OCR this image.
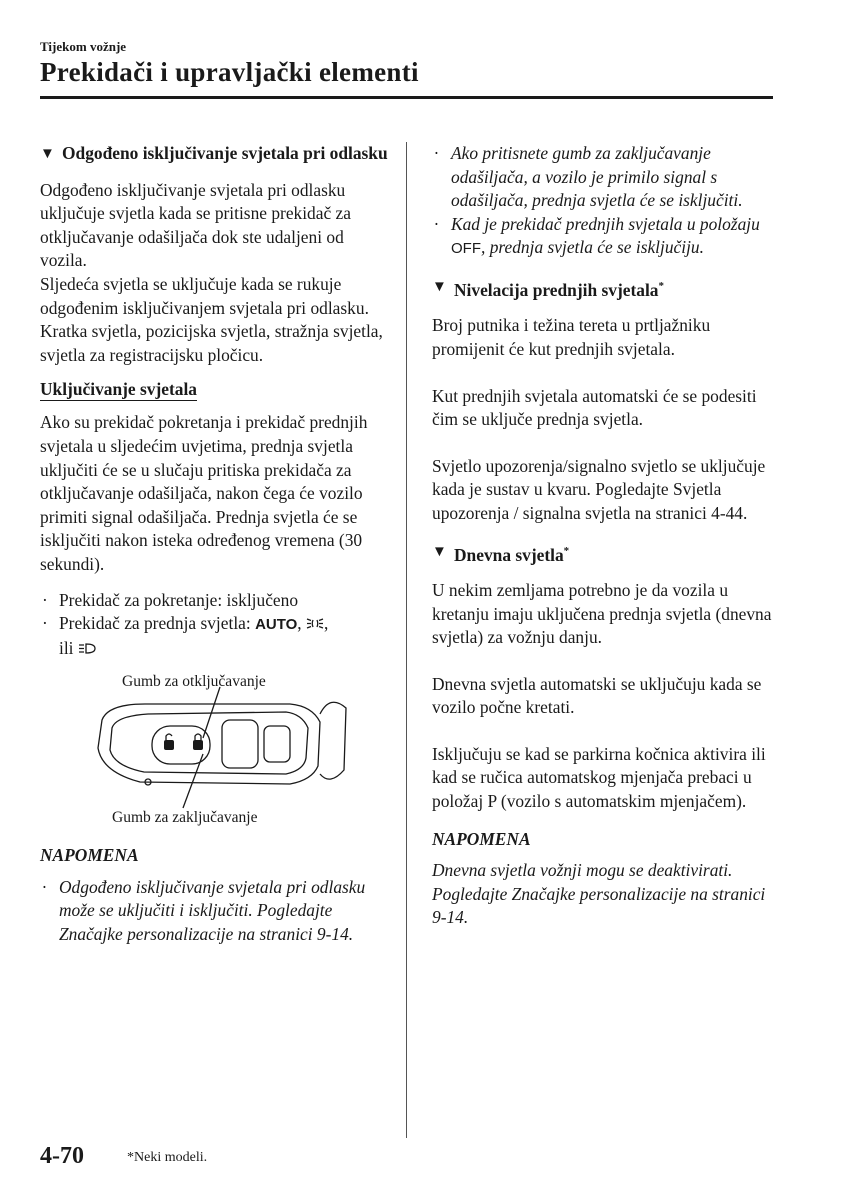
Tijekom vožnje

Prekidači i upravljački elementi
▼ Odgođeno isključivanje svjetala pri odlasku

Odgođeno isključivanje svjetala pri odlasku uključuje svjetla kada se pritisne prekidač za otključavanje odašiljača dok ste udaljeni od vozila.

Sljedeća svjetla se uključuje kada se rukuje odgođenim isključivanjem svjetala pri odlasku.

Kratka svjetla, pozicijska svjetla, stražnja svjetla, svjetla za registracijsku pločicu.

Uključivanje svjetala

Ako su prekidač pokretanja i prekidač prednjih svjetala u sljedećim uvjetima, prednja svjetla uključiti će se u slučaju pritiska prekidača za otključavanje odašiljača, nakon čega će vozilo primiti signal odašiljača. Prednja svjetla će se isključiti nakon isteka određenog vremena (30 sekundi).

· Prekidač za pokretanje: isključeno
· Prekidač za prednja svjetla: AUTO, ,
ili
Gumb za otključavanje
Gumb za zaključavanje
NAPOMENA
· Odgođeno isključivanje svjetala pri odlasku može se uključiti i isključiti. Pogledajte Značajke personalizacije na stranici 9-14.
· Ako pritisnete gumb za zaključavanje odašiljača, a vozilo je primilo signal s odašiljača, prednja svjetla će se isključiti.
· Kad je prekidač prednjih svjetala u položaju OFF, prednja svjetla će se isključiju.
▼ Nivelacija prednjih svjetala*

Broj putnika i težina tereta u prtljažniku promijenit će kut prednjih svjetala.

Kut prednjih svjetala automatski će se podesiti čim se uključe prednja svjetla.

Svjetlo upozorenja/signalno svjetlo se uključuje kada je sustav u kvaru. Pogledajte Svjetla upozorenja / signalna svjetla na stranici 4-44.

▼ Dnevna svjetla*

U nekim zemljama potrebno je da vozila u kretanju imaju uključena prednja svjetla (dnevna svjetla) za vožnju danju.

Dnevna svjetla automatski se uključuju kada se vozilo počne kretati.

Isključuju se kad se parkirna kočnica aktivira ili kad se ručica automatskog mjenjača prebaci u položaj P (vozilo s automatskim mjenjačem).

NAPOMENA

Dnevna svjetla vožnji mogu se deaktivirati. Pogledajte Značajke personalizacije na stranici 9-14.

4-70	*Neki modeli.
